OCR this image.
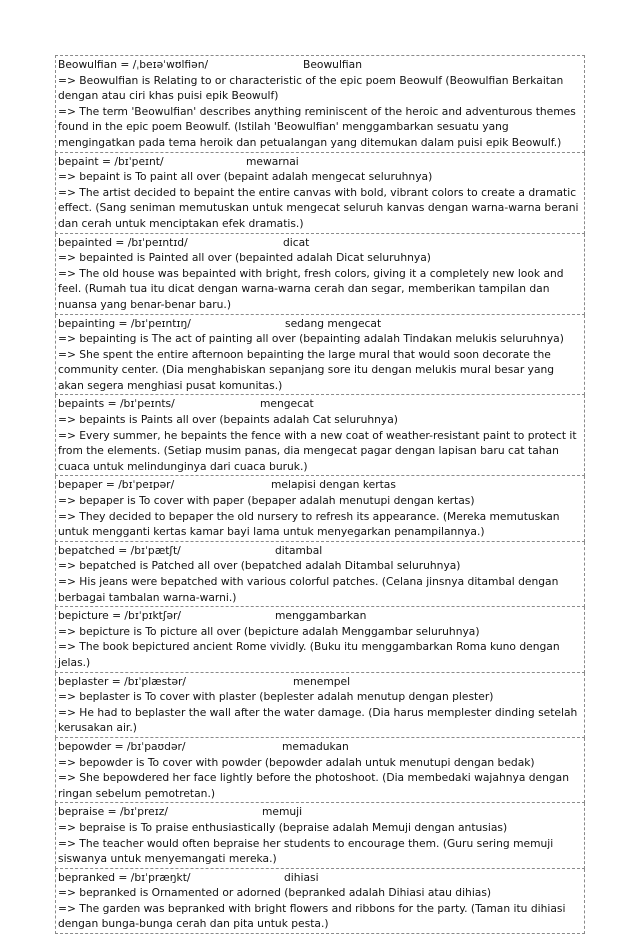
Beowulfian = /ˌbeɪəˈwʊlfiən/	Beowulfian
=> Beowulfian is Relating to or characteristic of the epic poem Beowulf (Beowulfian Berkaitan dengan atau ciri khas puisi epik Beowulf)
=> The term 'Beowulfian' describes anything reminiscent of the heroic and adventurous themes found in the epic poem Beowulf. (Istilah 'Beowulfian' menggambarkan sesuatu yang mengingatkan pada tema heroik dan petualangan yang ditemukan dalam puisi epik Beowulf.)
bepaint = /bɪˈpeɪnt/	mewarnai
=> bepaint is To paint all over (bepaint adalah mengecat seluruhnya)
=> The artist decided to bepaint the entire canvas with bold, vibrant colors to create a dramatic effect. (Sang seniman memutuskan untuk mengecat seluruh kanvas dengan warna-warna berani dan cerah untuk menciptakan efek dramatis.)
bepainted = /bɪˈpeɪntɪd/	dicat
=> bepainted is Painted all over (bepainted adalah Dicat seluruhnya)
=> The old house was bepainted with bright, fresh colors, giving it a completely new look and feel. (Rumah tua itu dicat dengan warna-warna cerah dan segar, memberikan tampilan dan nuansa yang benar-benar baru.)
bepainting = /bɪˈpeɪntɪŋ/	sedang mengecat
=> bepainting is The act of painting all over (bepainting adalah Tindakan melukis seluruhnya)
=> She spent the entire afternoon bepainting the large mural that would soon decorate the community center. (Dia menghabiskan sepanjang sore itu dengan melukis mural besar yang akan segera menghiasi pusat komunitas.)
bepaints = /bɪˈpeɪnts/	mengecat
=> bepaints is Paints all over (bepaints adalah Cat seluruhnya)
=> Every summer, he bepaints the fence with a new coat of weather-resistant paint to protect it from the elements. (Setiap musim panas, dia mengecat pagar dengan lapisan baru cat tahan cuaca untuk melindunginya dari cuaca buruk.)
bepaper = /bɪˈpeɪpər/	melapisi dengan kertas
=> bepaper is To cover with paper (bepaper adalah menutupi dengan kertas)
=> They decided to bepaper the old nursery to refresh its appearance. (Mereka memutuskan untuk mengganti kertas kamar bayi lama untuk menyegarkan penampilannya.)
bepatched = /bɪˈpætʃt/	ditambal
=> bepatched is Patched all over (bepatched adalah Ditambal seluruhnya)
=> His jeans were bepatched with various colorful patches. (Celana jinsnya ditambal dengan berbagai tambalan warna-warni.)
bepicture = /bɪˈpɪktʃər/	menggambarkan
=> bepicture is To picture all over (bepicture adalah Menggambar seluruhnya)
=> The book bepictured ancient Rome vividly. (Buku itu menggambarkan Roma kuno dengan jelas.)
beplaster = /bɪˈplæstər/	menempel
=> beplaster is To cover with plaster (beplester adalah menutup dengan plester)
=> He had to beplaster the wall after the water damage. (Dia harus memplester dinding setelah kerusakan air.)
bepowder = /bɪˈpaʊdər/	memadukan
=> bepowder is To cover with powder (bepowder adalah untuk menutupi dengan bedak)
=> She bepowdered her face lightly before the photoshoot. (Dia membedaki wajahnya dengan ringan sebelum pemotretan.)
bepraise = /bɪˈpreɪz/	memuji
=> bepraise is To praise enthusiastically (bepraise adalah Memuji dengan antusias)
=> The teacher would often bepraise her students to encourage them. (Guru sering memuji siswanya untuk menyemangati mereka.)
bepranked = /bɪˈpræŋkt/	dihiasi
=> bepranked is Ornamented or adorned (bepranked adalah Dihiasi atau dihias)
=> The garden was bepranked with bright flowers and ribbons for the party. (Taman itu dihiasi dengan bunga-bunga cerah dan pita untuk pesta.)
